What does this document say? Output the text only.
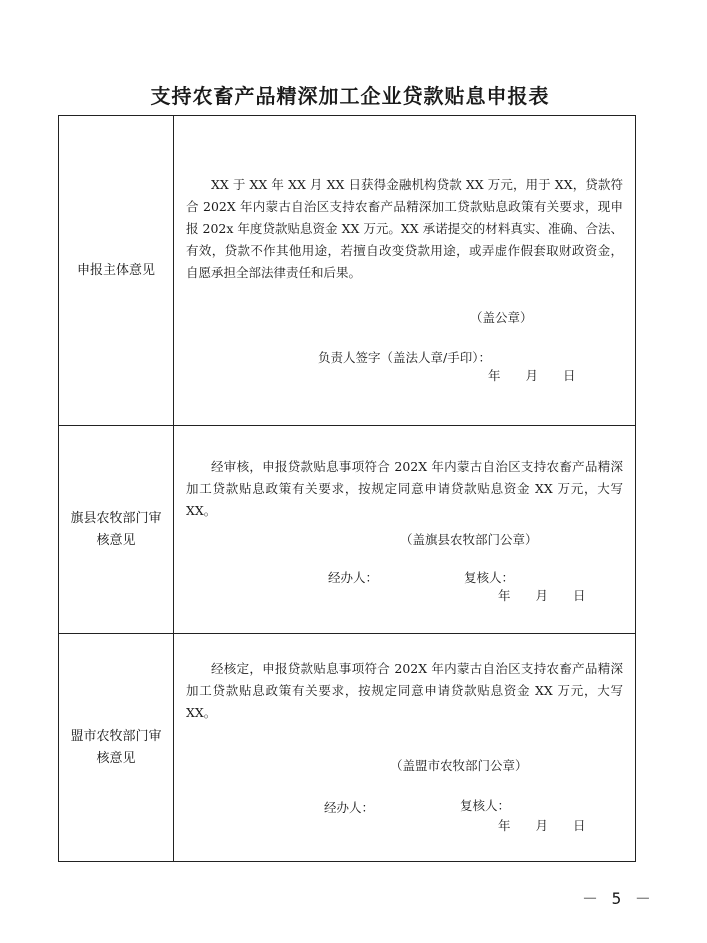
支持农畜产品精深加工企业贷款贴息申报表
申报主体意见	XX 于 XX 年 XX 月 XX 日获得金融机构贷款 XX 万元，用于 XX，贷款符合 202X 年内蒙古自治区支持农畜产品精深加工贷款贴息政策有关要求，现申报 202x 年度贷款贴息资金 XX 万元。XX 承诺提交的材料真实、准确、合法、有效，贷款不作其他用途，若擅自改变贷款用途，或弄虚作假套取财政资金，自愿承担全部法律责任和后果。

（盖公章）
负责人签字（盖法人章/手印）：
年　　月　　日

旗县农牧部门审核意见	经审核，申报贷款贴息事项符合 202X 年内蒙古自治区支持农畜产品精深加工贷款贴息政策有关要求，按规定同意申请贷款贴息资金 XX 万元，大写 XX。

（盖旗县农牧部门公章）
经办人： 复核人：
年　　月　　日

盟市农牧部门审核意见	经核定，申报贷款贴息事项符合 202X 年内蒙古自治区支持农畜产品精深加工贷款贴息政策有关要求，按规定同意申请贷款贴息资金 XX 万元，大写 XX。

（盖盟市农牧部门公章）
经办人： 复核人：
年　　月　　日
－ 5 －
